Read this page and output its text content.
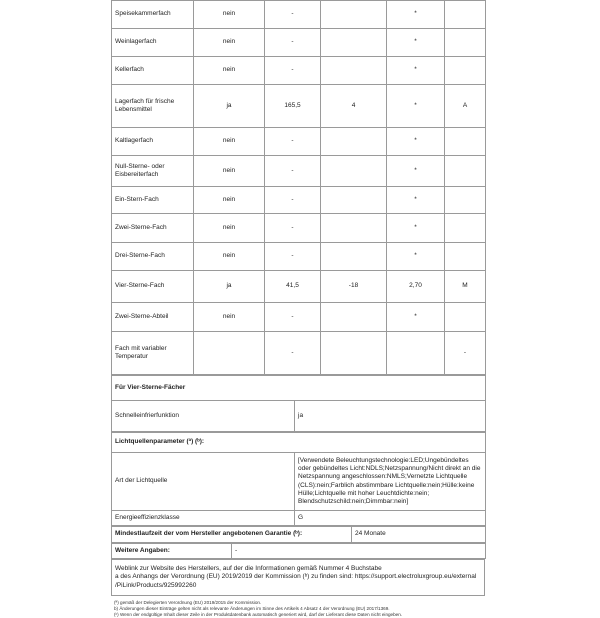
Speisekammerfach	nein	-		*	
Weinlagerfach	nein	-		*	
Kellerfach	nein	-		*	
Lagerfach für frische Lebensmittel	ja	165,5	4	*	A
Kaltlagerfach	nein	-		*	
Null-Sterne- oder Eisbereiterfach	nein	-		*	
Ein-Stern-Fach	nein	-		*	
Zwei-Sterne-Fach	nein	-		*	
Drei-Sterne-Fach	nein	-		*	
Vier-Sterne-Fach	ja	41,5	-18	2,70	M
Zwei-Sterne-Abteil	nein	-		*	
Fach mit variabler Temperatur		-			-
Für Vier-Sterne-Fächer
Schnelleinfrierfunktion	ja
Lichtquellenparameter (ª) (ᵇ):	
Art der Lichtquelle	[Verwendete Beleuchtungstechnologie:LED;Ungebündeltes oder gebündeltes Licht:NDLS;Netzspannung/Nicht direkt an die Netzspannung angeschlossen:NMLS;Vernetzte Lichtquelle (CLS):nein;Farblich abstimmbare Lichtquelle:nein;Hülle:keine Hülle;Lichtquelle mit hoher Leuchtdichte:nein; Blendschutzschild:nein;Dimmbar:nein]
Energieeffizienzklasse	G
Mindestlaufzeit der vom Hersteller angebotenen Garantie (ᵇ):	24 Monate
Weitere Angaben:	-
Weblink zur Website des Herstellers, auf der die Informationen gemäß Nummer 4 Buchstabe
a des Anhangs der Verordnung (EU) 2019/2019 der Kommission (ᵇ) zu finden sind: https://support.electroluxgroup.eu/external
/PiLink/Products/925992260
(ª) gemäß der Delegierten Verordnung (EU) 2019/2015 der Kommission.
b) Änderungen dieser Einträge gelten nicht als relevante Änderungen im Sinne des Artikels 4 Absatz 4 der Verordnung (EU) 2017/1369.
(ᶜ) Wenn der endgültige Inhalt dieser Zeile in der Produktdatenbank automatisch generiert wird, darf der Lieferant diese Daten nicht eingeben.
